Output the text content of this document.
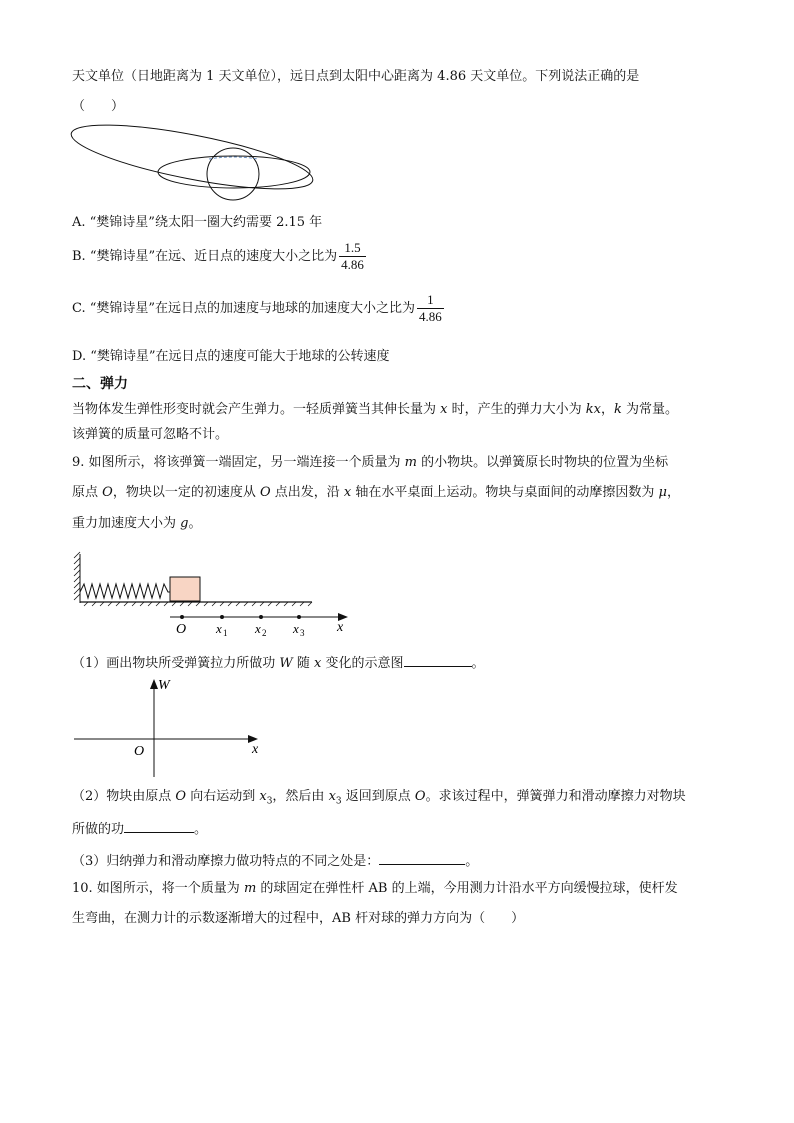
天文单位（日地距离为 1 天文单位），远日点到太阳中心距离为 4.86 天文单位。下列说法正确的是
（　　）
A. “樊锦诗星”绕太阳一圈大约需要 2.15 年
B. “樊锦诗星”在远、近日点的速度大小之比为 $\frac{1.5}{4.86}$
C. “樊锦诗星”在远日点的加速度与地球的加速度大小之比为 $\frac{1}{4.86}$
D. “樊锦诗星”在远日点的速度可能大于地球的公转速度
二、弹力
当物体发生弹性形变时就会产生弹力。一轻质弹簧当其伸长量为 x 时，产生的弹力大小为 kx，k 为常量。
该弹簧的质量可忽略不计。
9. 如图所示，将该弹簧一端固定，另一端连接一个质量为 m 的小物块。以弹簧原长时物块的位置为坐标
原点 O，物块以一定的初速度从 O 点出发，沿 x 轴在水平桌面上运动。物块与桌面间的动摩擦因数为 μ，
重力加速度大小为 g。
O x 1 x 2 x 3 x
（1）画出物块所受弹簧拉力所做功 W 随 x 变化的示意图	。
W
O	x
（2）物块由原点 O 向右运动到 $x_3$，然后由 $x_3$ 返回到原点 O。求该过程中，弹簧弹力和滑动摩擦力对物块
所做的功	。
（3）归纳弹力和滑动摩擦力做功特点的不同之处是：	。
10. 如图所示，将一个质量为 m 的球固定在弹性杆 AB 的上端，今用测力计沿水平方向缓慢拉球，使杆发
生弯曲，在测力计的示数逐渐增大的过程中，AB 杆对球的弹力方向为（　　）
